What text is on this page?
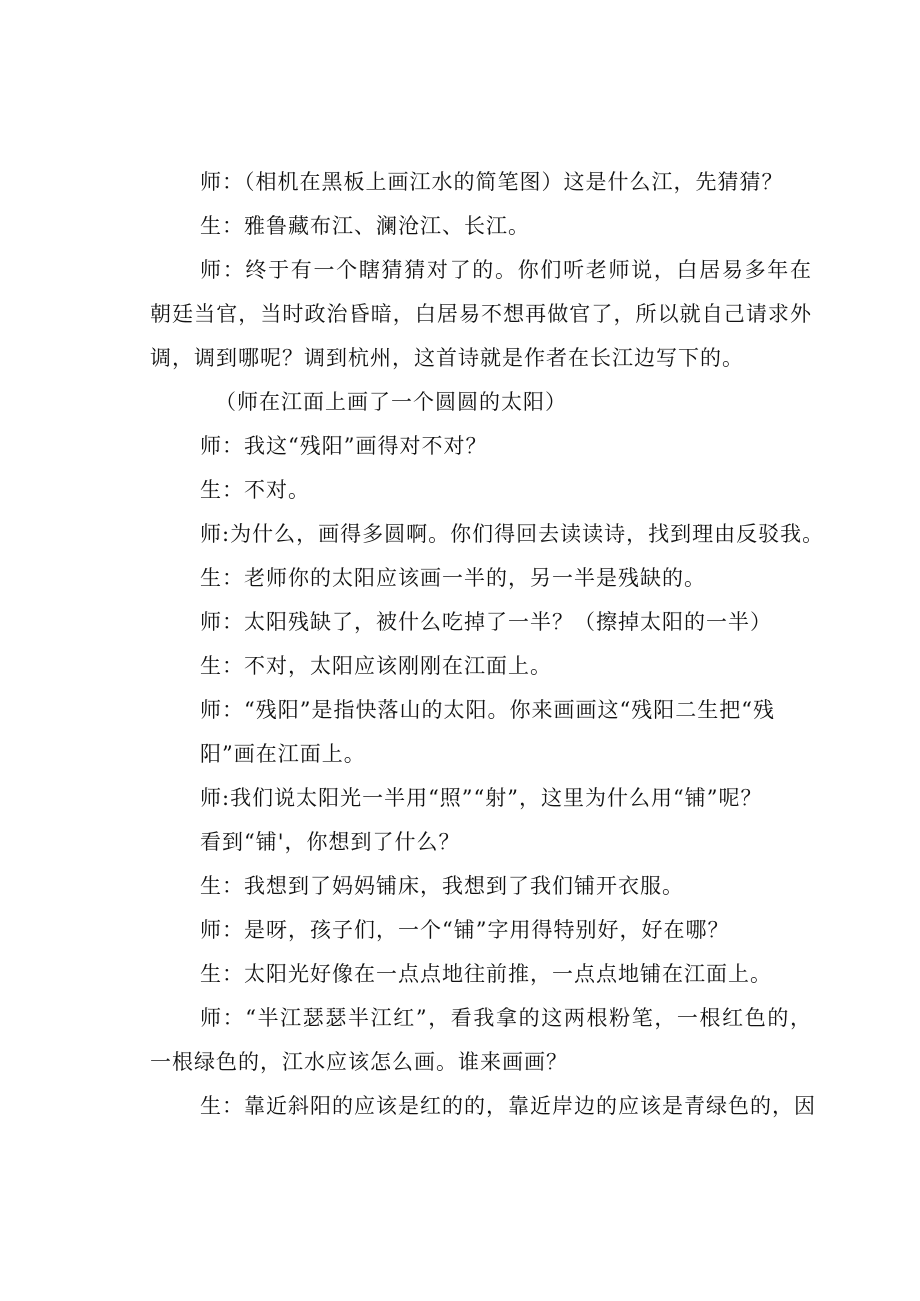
师：（相机在黑板上画江水的简笔图）这是什么江，先猜猜？

生：雅鲁藏布江、澜沧江、长江。

师：终于有一个瞎猜猜对了的。你们听老师说，白居易多年在朝廷当官，当时政治昏暗，白居易不想再做官了，所以就自己请求外调，调到哪呢？调到杭州，这首诗就是作者在长江边写下的。

（师在江面上画了一个圆圆的太阳）

师：我这“残阳”画得对不对？

生：不对。

师:为什么，画得多圆啊。你们得回去读读诗，找到理由反驳我。

生：老师你的太阳应该画一半的，另一半是残缺的。

师：太阳残缺了，被什么吃掉了一半？（擦掉太阳的一半）

生：不对，太阳应该刚刚在江面上。

师：“残阳”是指快落山的太阳。你来画画这“残阳二生把“残

阳”画在江面上。

师:我们说太阳光一半用“照”“射”，这里为什么用“铺”呢？

看到“铺'，你想到了什么？

生：我想到了妈妈铺床，我想到了我们铺开衣服。

师：是呀，孩子们，一个“铺”字用得特别好，好在哪？

生：太阳光好像在一点点地往前推，一点点地铺在江面上。

师：“半江瑟瑟半江红”，看我拿的这两根粉笔，一根红色的，一根绿色的，江水应该怎么画。谁来画画？

生：靠近斜阳的应该是红的的，靠近岸边的应该是青绿色的，因
